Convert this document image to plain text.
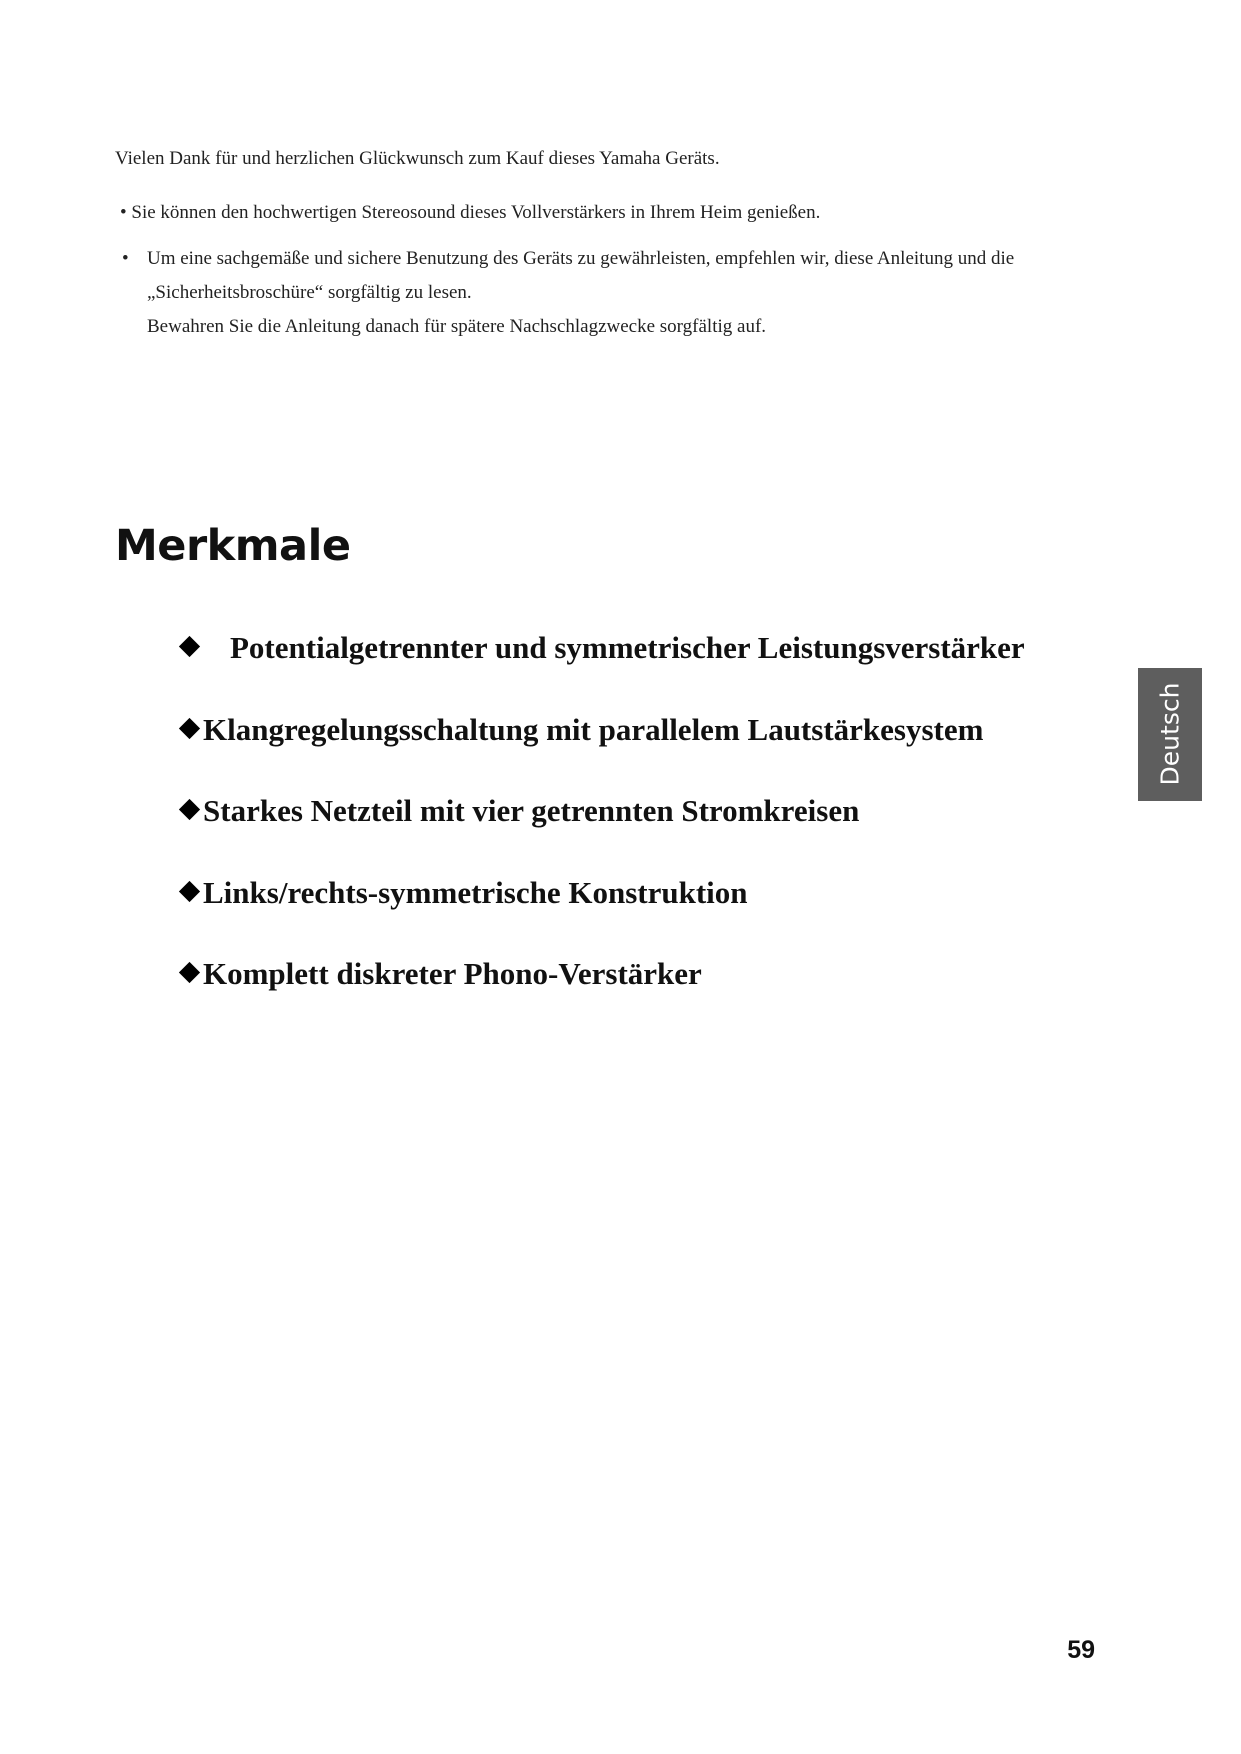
Vielen Dank für und herzlichen Glückwunsch zum Kauf dieses Yamaha Geräts.

• Sie können den hochwertigen Stereosound dieses Vollverstärkers in Ihrem Heim genießen.

• Um eine sachgemäße und sichere Benutzung des Geräts zu gewährleisten, empfehlen wir, diese Anleitung und die
„Sicherheitsbroschüre“ sorgfältig zu lesen.
Bewahren Sie die Anleitung danach für spätere Nachschlagzwecke sorgfältig auf.
Merkmale
Potentialgetrennter und symmetrischer Leistungsverstärker
Klangregelungsschaltung mit parallelem Lautstärkesystem
Starkes Netzteil mit vier getrennten Stromkreisen
Links/rechts-symmetrische Konstruktion
Komplett diskreter Phono-Verstärker
Deutsch
59
